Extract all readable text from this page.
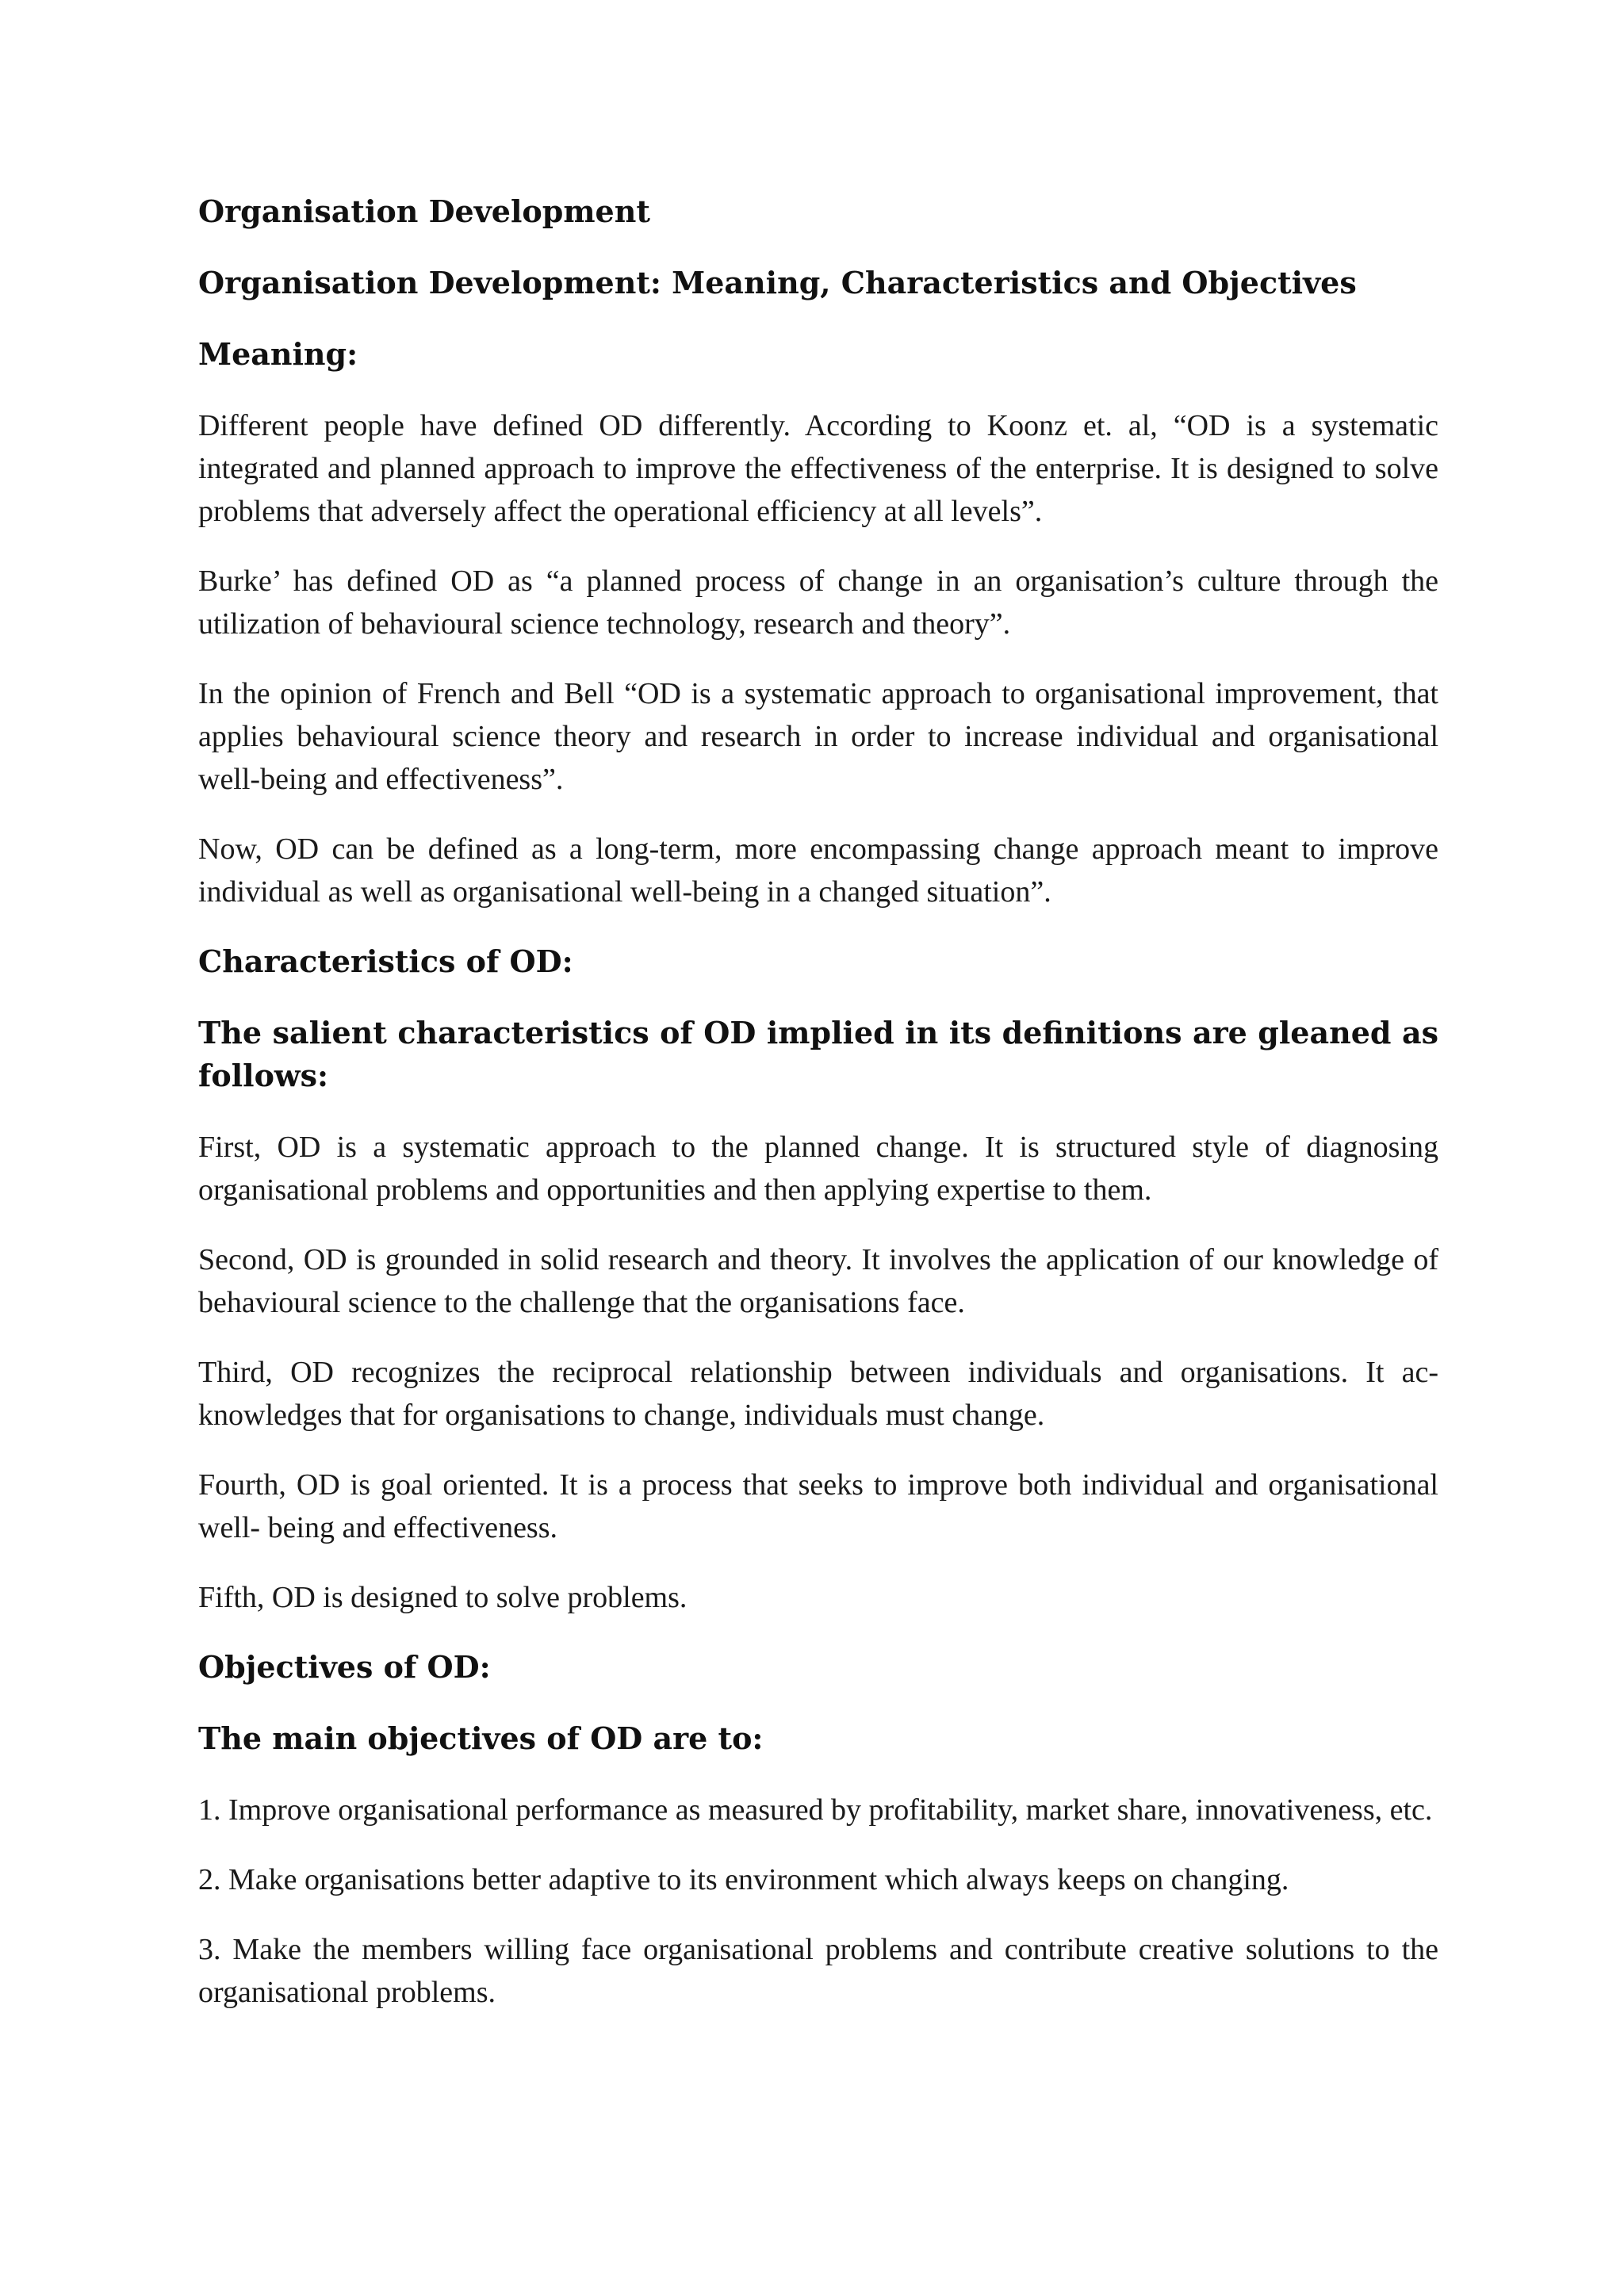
Organisation Development
Organisation Development: Meaning, Characteristics and Objectives
Meaning:
Different people have defined OD differently. According to Koonz et. al, “OD is a systematic integrated and planned approach to improve the effectiveness of the enterprise. It is designed to solve problems that adversely affect the operational efficiency at all levels”.
Burke’ has defined OD as “a planned process of change in an organisation’s culture through the utilization of behavioural science technology, research and theory”.
In the opinion of French and Bell “OD is a systematic approach to organisational improvement, that applies behavioural science theory and research in order to increase individual and organisational well-being and effectiveness”.
Now, OD can be defined as a long-term, more encompassing change approach meant to improve individual as well as organisational well-being in a changed situation”.
Characteristics of OD:
The salient characteristics of OD implied in its definitions are gleaned as follows:
First, OD is a systematic approach to the planned change. It is structured style of diagnosing organisational problems and opportunities and then applying expertise to them.
Second, OD is grounded in solid research and theory. It involves the application of our knowledge of behavioural science to the challenge that the organisations face.
Third, OD recognizes the reciprocal relationship between individuals and organisations. It ac-knowledges that for organisations to change, individuals must change.
Fourth, OD is goal oriented. It is a process that seeks to improve both individual and organisational well- being and effectiveness.
Fifth, OD is designed to solve problems.
Objectives of OD:
The main objectives of OD are to:
1. Improve organisational performance as measured by profitability, market share, innovativeness, etc.
2. Make organisations better adaptive to its environment which always keeps on changing.
3. Make the members willing face organisational problems and contribute creative solutions to the organisational problems.
